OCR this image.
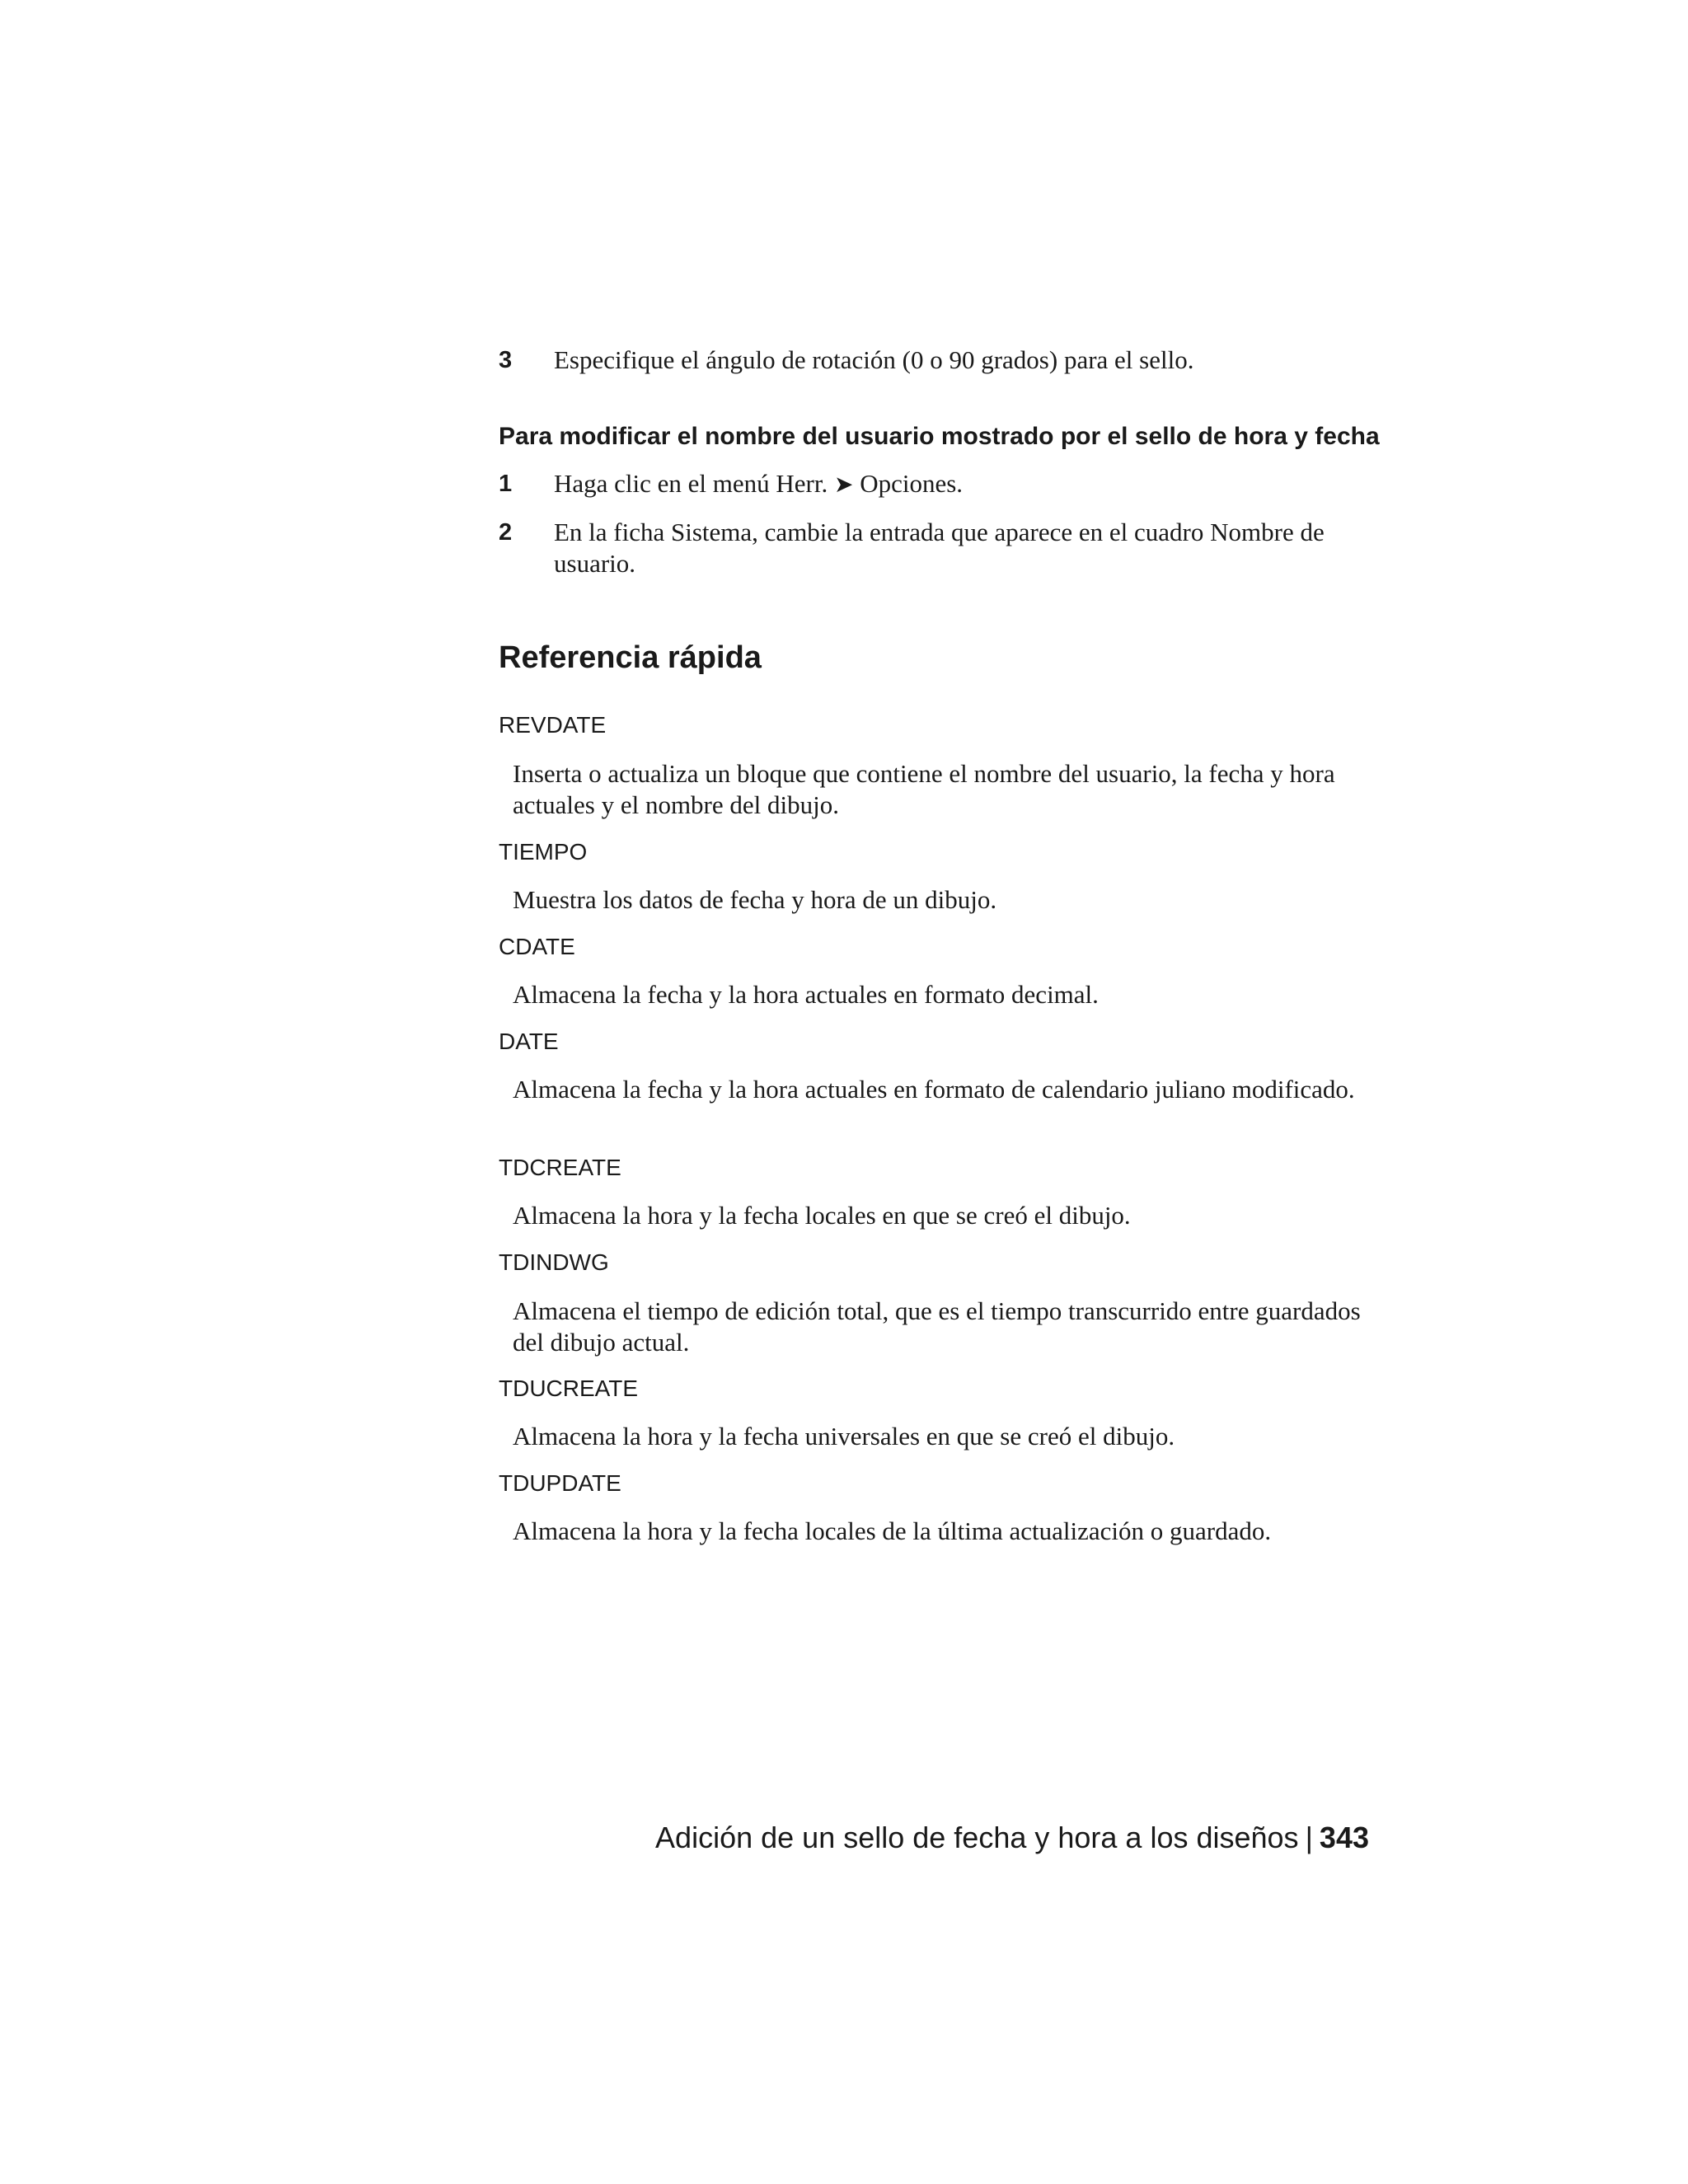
3	Especifique el ángulo de rotación (0 o 90 grados) para el sello.
Para modificar el nombre del usuario mostrado por el sello de hora y fecha
1	Haga clic en el menú Herr. ➤ Opciones.
2	En la ficha Sistema, cambie la entrada que aparece en el cuadro Nombre de usuario.
Referencia rápida
REVDATE
Inserta o actualiza un bloque que contiene el nombre del usuario, la fecha y hora actuales y el nombre del dibujo.
TIEMPO
Muestra los datos de fecha y hora de un dibujo.
CDATE
Almacena la fecha y la hora actuales en formato decimal.
DATE
Almacena la fecha y la hora actuales en formato de calendario juliano modificado.
TDCREATE
Almacena la hora y la fecha locales en que se creó el dibujo.
TDINDWG
Almacena el tiempo de edición total, que es el tiempo transcurrido entre guardados del dibujo actual.
TDUCREATE
Almacena la hora y la fecha universales en que se creó el dibujo.
TDUPDATE
Almacena la hora y la fecha locales de la última actualización o guardado.
Adición de un sello de fecha y hora a los diseños | 343
